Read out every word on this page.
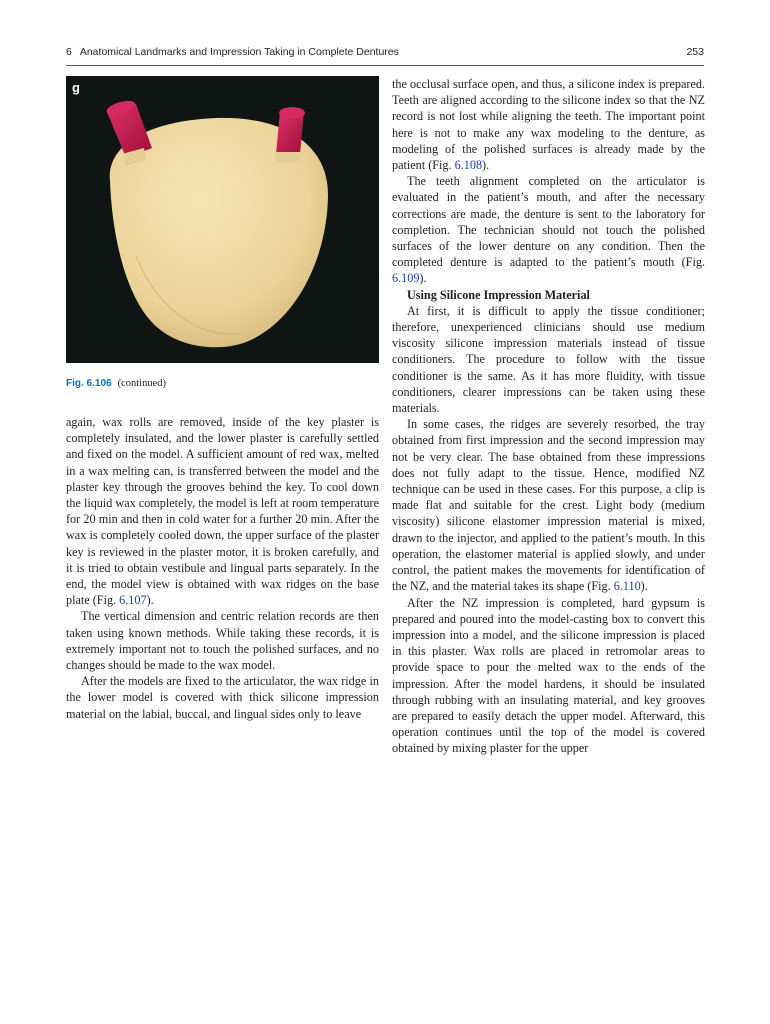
6 Anatomical Landmarks and Impression Taking in Complete Dentures	253
g
Fig. 6.106 (continued)

again, wax rolls are removed, inside of the key plaster is completely insulated, and the lower plaster is carefully settled and fixed on the model. A sufficient amount of red wax, melted in a wax melting can, is transferred between the model and the plaster key through the grooves behind the key. To cool down the liquid wax completely, the model is left at room temperature for 20 min and then in cold water for a further 20 min. After the wax is completely cooled down, the upper surface of the plaster key is reviewed in the plaster motor, it is broken carefully, and it is tried to obtain vestibule and lingual parts separately. In the end, the model view is obtained with wax ridges on the base plate (Fig. 6.107).

The vertical dimension and centric relation records are then taken using known methods. While taking these records, it is extremely important not to touch the polished surfaces, and no changes should be made to the wax model.

After the models are fixed to the articulator, the wax ridge in the lower model is covered with thick silicone impression material on the labial, buccal, and lingual sides only to leave

the occlusal surface open, and thus, a silicone index is prepared. Teeth are aligned according to the silicone index so that the NZ record is not lost while aligning the teeth. The important point here is not to make any wax modeling to the denture, as modeling of the polished surfaces is already made by the patient (Fig. 6.108).

The teeth alignment completed on the articulator is evaluated in the patient’s mouth, and after the necessary corrections are made, the denture is sent to the laboratory for completion. The technician should not touch the polished surfaces of the lower denture on any condition. Then the completed denture is adapted to the patient’s mouth (Fig. 6.109).

Using Silicone Impression Material

At first, it is difficult to apply the tissue conditioner; therefore, unexperienced clinicians should use medium viscosity silicone impression materials instead of tissue conditioners. The procedure to follow with the tissue conditioner is the same. As it has more fluidity, with tissue conditioners, clearer impressions can be taken using these materials.

In some cases, the ridges are severely resorbed, the tray obtained from first impression and the second impression may not be very clear. The base obtained from these impressions does not fully adapt to the tissue. Hence, modified NZ technique can be used in these cases. For this purpose, a clip is made flat and suitable for the crest. Light body (medium viscosity) silicone elastomer impression material is mixed, drawn to the injector, and applied to the patient’s mouth. In this operation, the elastomer material is applied slowly, and under control, the patient makes the movements for identification of the NZ, and the material takes its shape (Fig. 6.110).

After the NZ impression is completed, hard gypsum is prepared and poured into the model-casting box to convert this impression into a model, and the silicone impression is placed in this plaster. Wax rolls are placed in retromolar areas to provide space to pour the melted wax to the ends of the impression. After the model hardens, it should be insulated through rubbing with an insulating material, and key grooves are prepared to easily detach the upper model. Afterward, this operation continues until the top of the model is covered obtained by mixing plaster for the upper
